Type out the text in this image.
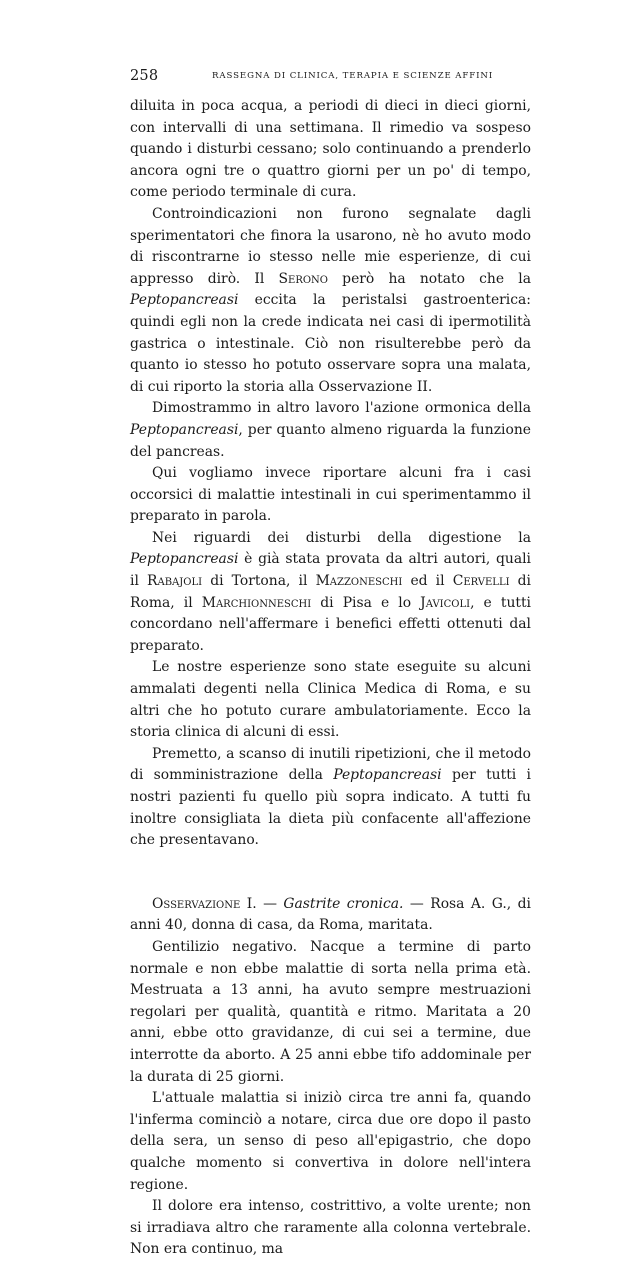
258	RASSEGNA DI CLINICA, TERAPIA E SCIENZE AFFINI

diluita in poca acqua, a periodi di dieci in dieci giorni, con intervalli di una settimana. Il rimedio va sospeso quando i disturbi cessano; solo continuando a prenderlo ancora ogni tre o quattro giorni per un po' di tempo, come periodo terminale di cura.

Controindicazioni non furono segnalate dagli sperimentatori che finora la usarono, nè ho avuto modo di riscontrarne io stesso nelle mie esperienze, di cui appresso dirò. Il Serono però ha notato che la Peptopancreasi eccita la peristalsi gastroenterica: quindi egli non la crede indicata nei casi di ipermotilità gastrica o intestinale. Ciò non risulterebbe però da quanto io stesso ho potuto osservare sopra una malata, di cui riporto la storia alla Osservazione II.

Dimostrammo in altro lavoro l'azione ormonica della Peptopancreasi, per quanto almeno riguarda la funzione del pancreas.

Qui vogliamo invece riportare alcuni fra i casi occorsici di malattie intestinali in cui sperimentammo il preparato in parola.

Nei riguardi dei disturbi della digestione la Peptopancreasi è già stata provata da altri autori, quali il Rabajoli di Tortona, il Mazzoneschi ed il Cervelli di Roma, il Marchionneschi di Pisa e lo Javicoli, e tutti concordano nell'affermare i benefici effetti ottenuti dal preparato.

Le nostre esperienze sono state eseguite su alcuni ammalati degenti nella Clinica Medica di Roma, e su altri che ho potuto curare ambulatoriamente. Ecco la storia clinica di alcuni di essi.

Premetto, a scanso di inutili ripetizioni, che il metodo di somministrazione della Peptopancreasi per tutti i nostri pazienti fu quello più sopra indicato. A tutti fu inoltre consigliata la dieta più confacente all'affezione che presentavano.

Osservazione I. — Gastrite cronica. — Rosa A. G., di anni 40, donna di casa, da Roma, maritata.

Gentilizio negativo. Nacque a termine di parto normale e non ebbe malattie di sorta nella prima età. Mestruata a 13 anni, ha avuto sempre mestruazioni regolari per qualità, quantità e ritmo. Maritata a 20 anni, ebbe otto gravidanze, di cui sei a termine, due interrotte da aborto. A 25 anni ebbe tifo addominale per la durata di 25 giorni.

L'attuale malattia si iniziò circa tre anni fa, quando l'inferma cominciò a notare, circa due ore dopo il pasto della sera, un senso di peso all'epigastrio, che dopo qualche momento si convertiva in dolore nell'intera regione.

Il dolore era intenso, costrittivo, a volte urente; non si irradiava altro che raramente alla colonna vertebrale. Non era continuo, ma
